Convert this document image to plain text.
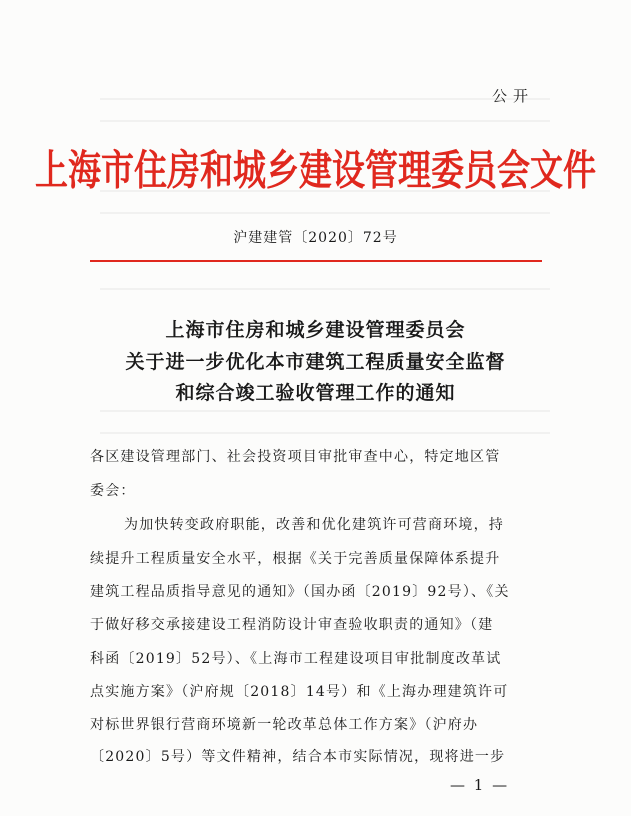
公开
上海市住房和城乡建设管理委员会文件
沪建建管〔2020〕72号
上海市住房和城乡建设管理委员会
关于进一步优化本市建筑工程质量安全监督
和综合竣工验收管理工作的通知
各区建设管理部门、社会投资项目审批审查中心，特定地区管
委会：
为加快转变政府职能，改善和优化建筑许可营商环境，持
续提升工程质量安全水平，根据《关于完善质量保障体系提升
建筑工程品质指导意见的通知》（国办函〔2019〕92号）、《关
于做好移交承接建设工程消防设计审查验收职责的通知》（建
科函〔2019〕52号）、《上海市工程建设项目审批制度改革试
点实施方案》（沪府规〔2018〕14号）和《上海办理建筑许可
对标世界银行营商环境新一轮改革总体工作方案》（沪府办
〔2020〕5号）等文件精神，结合本市实际情况，现将进一步
— 1 —
